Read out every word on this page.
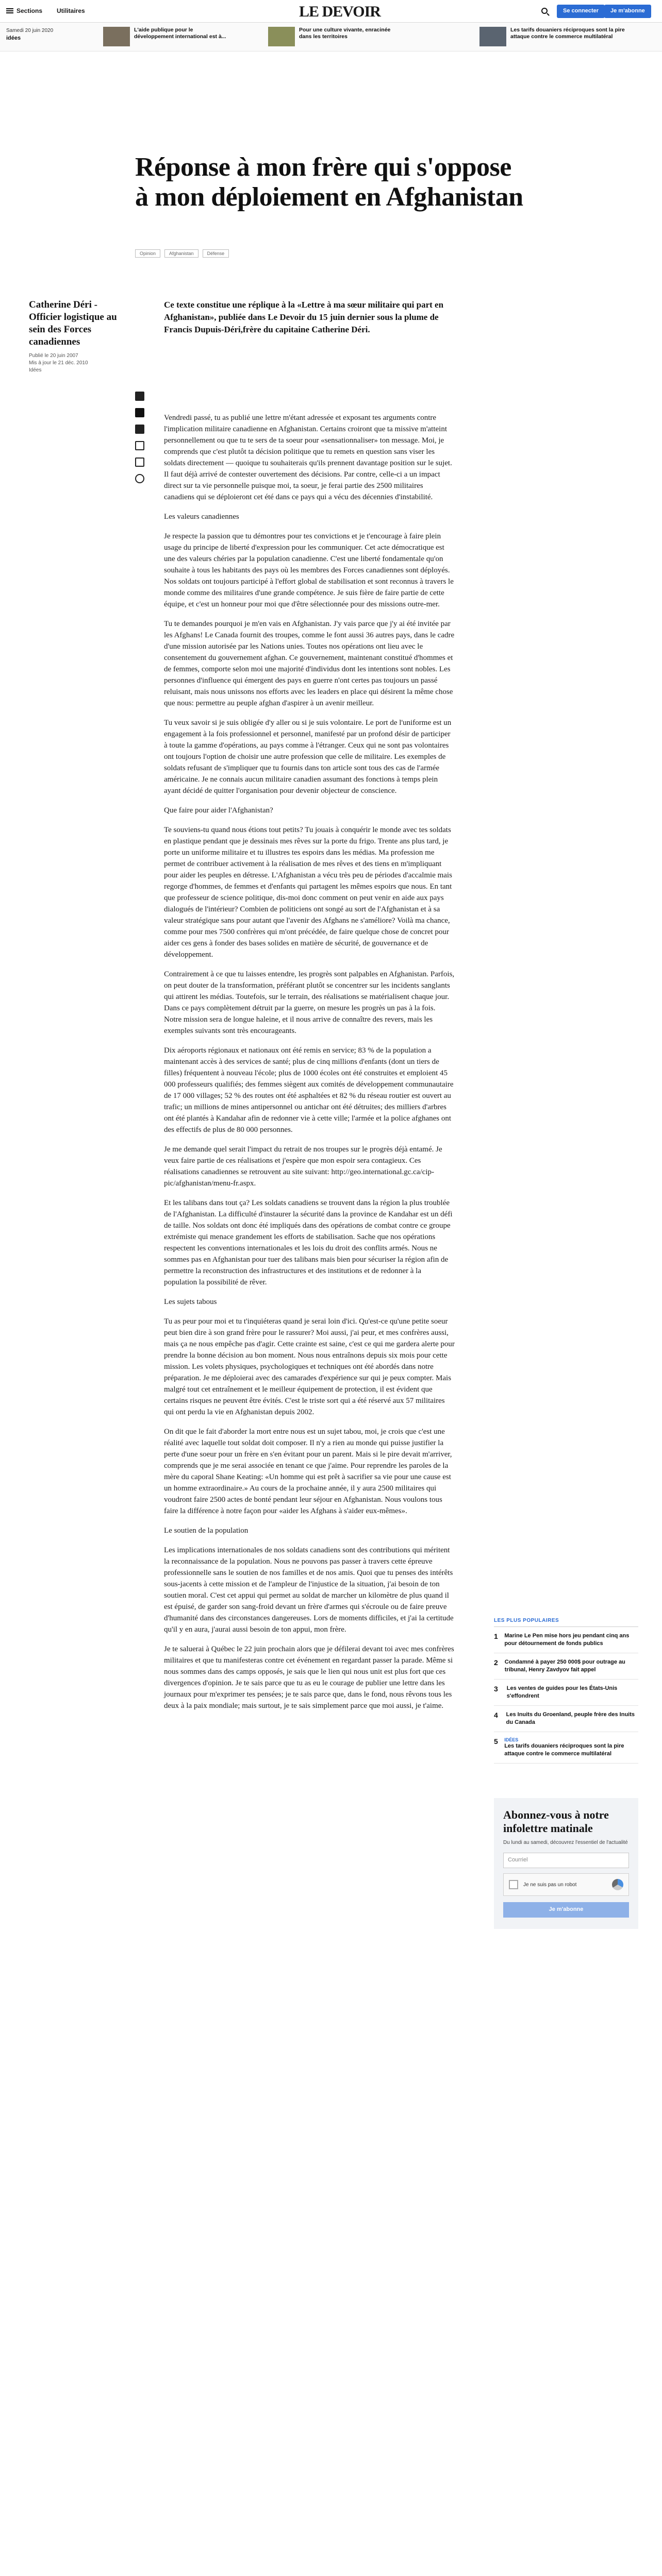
Sections Utilitaires	LE DEVOIR	Se connecter	Je m'abonne
Samedi 20 juin 2020
idées
L'aide publique pour le développement international est à...
Pour une culture vivante, enracinée dans les territoires
Les tarifs douaniers réciproques sont la pire attaque contre le commerce multilatéral
Réponse à mon frère qui s'oppose à mon déploiement en Afghanistan
Opinion	Afghanistan	Défense
Catherine Déri - Officier logistique au sein des Forces canadiennes
Publié le 20 juin 2007
Mis à jour le 21 déc. 2010
Idées

Ce texte constitue une réplique à la «Lettre à ma sœur militaire qui part en Afghanistan», publiée dans Le Devoir du 15 juin dernier sous la plume de Francis Dupuis-Déri,frère du capitaine Catherine Déri.

Vendredi passé, tu as publié une lettre m'étant adressée et exposant tes arguments contre l'implication militaire canadienne en Afghanistan. Certains croiront que ta missive m'atteint personnellement ou que tu te sers de ta soeur pour «sensationnaliser» ton message. Moi, je comprends que c'est plutôt ta décision politique que tu remets en question sans viser les soldats directement — quoique tu souhaiterais qu'ils prennent davantage position sur le sujet. Il faut déjà arrivé de contester ouvertement des décisions. Par contre, celle-ci a un impact direct sur ta vie personnelle puisque moi, ta soeur, je ferai partie des 2500 militaires canadiens qui se déploieront cet été dans ce pays qui a vécu des décennies d'instabilité.

Les valeurs canadiennes

Je respecte la passion que tu démontres pour tes convictions et je t'encourage à faire plein usage du principe de liberté d'expression pour les communiquer. Cet acte démocratique est une des valeurs chéries par la population canadienne. C'est une liberté fondamentale qu'on souhaite à tous les habitants des pays où les membres des Forces canadiennes sont déployés. Nos soldats ont toujours participé à l'effort global de stabilisation et sont reconnus à travers le monde comme des militaires d'une grande compétence. Je suis fière de faire partie de cette équipe, et c'est un honneur pour moi que d'être sélectionnée pour des missions outre-mer.

Tu te demandes pourquoi je m'en vais en Afghanistan. J'y vais parce que j'y ai été invitée par les Afghans! Le Canada fournit des troupes, comme le font aussi 36 autres pays, dans le cadre d'une mission autorisée par les Nations unies. Toutes nos opérations ont lieu avec le consentement du gouvernement afghan. Ce gouvernement, maintenant constitué d'hommes et de femmes, comporte selon moi une majorité d'individus dont les intentions sont nobles. Les personnes d'influence qui émergent des pays en guerre n'ont certes pas toujours un passé reluisant, mais nous unissons nos efforts avec les leaders en place qui désirent la même chose que nous: permettre au peuple afghan d'aspirer à un avenir meilleur.

Tu veux savoir si je suis obligée d'y aller ou si je suis volontaire. Le port de l'uniforme est un engagement à la fois professionnel et personnel, manifesté par un profond désir de participer à toute la gamme d'opérations, au pays comme à l'étranger. Ceux qui ne sont pas volontaires ont toujours l'option de choisir une autre profession que celle de militaire. Les exemples de soldats refusant de s'impliquer que tu fournis dans ton article sont tous des cas de l'armée américaine. Je ne connais aucun militaire canadien assumant des fonctions à temps plein ayant décidé de quitter l'organisation pour devenir objecteur de conscience.

Que faire pour aider l'Afghanistan?

Te souviens-tu quand nous étions tout petits? Tu jouais à conquérir le monde avec tes soldats en plastique pendant que je dessinais mes rêves sur la porte du frigo. Trente ans plus tard, je porte un uniforme militaire et tu illustres tes espoirs dans les médias. Ma profession me permet de contribuer activement à la réalisation de mes rêves et des tiens en m'impliquant pour aider les peuples en détresse. L'Afghanistan a vécu très peu de périodes d'accalmie mais regorge d'hommes, de femmes et d'enfants qui partagent les mêmes espoirs que nous. En tant que professeur de science politique, dis-moi donc comment on peut venir en aide aux pays dialogués de l'intérieur? Combien de politiciens ont songé au sort de l'Afghanistan et à sa valeur stratégique sans pour autant que l'avenir des Afghans ne s'améliore? Voilà ma chance, comme pour mes 7500 confrères qui m'ont précédée, de faire quelque chose de concret pour aider ces gens à fonder des bases solides en matière de sécurité, de gouvernance et de développement.

Contrairement à ce que tu laisses entendre, les progrès sont palpables en Afghanistan. Parfois, on peut douter de la transformation, préférant plutôt se concentrer sur les incidents sanglants qui attirent les médias. Toutefois, sur le terrain, des réalisations se matérialisent chaque jour. Dans ce pays complètement détruit par la guerre, on mesure les progrès un pas à la fois. Notre mission sera de longue haleine, et il nous arrive de connaître des revers, mais les exemples suivants sont très encourageants.

Dix aéroports régionaux et nationaux ont été remis en service; 83 % de la population a maintenant accès à des services de santé; plus de cinq millions d'enfants (dont un tiers de filles) fréquentent à nouveau l'école; plus de 1000 écoles ont été construites et emploient 45 000 professeurs qualifiés; des femmes siègent aux comités de développement communautaire de 17 000 villages; 52 % des routes ont été asphaltées et 82 % du réseau routier est ouvert au trafic; un millions de mines antipersonnel ou antichar ont été détruites; des milliers d'arbres ont été plantés à Kandahar afin de redonner vie à cette ville; l'armée et la police afghanes ont des effectifs de plus de 80 000 personnes.

Je me demande quel serait l'impact du retrait de nos troupes sur le progrès déjà entamé. Je veux faire partie de ces réalisations et j'espère que mon espoir sera contagieux. Ces réalisations canadiennes se retrouvent au site suivant: http://geo.international.gc.ca/cip-pic/afghanistan/menu-fr.aspx.

Et les talibans dans tout ça? Les soldats canadiens se trouvent dans la région la plus troublée de l'Afghanistan. La difficulté d'instaurer la sécurité dans la province de Kandahar est un défi de taille. Nos soldats ont donc été impliqués dans des opérations de combat contre ce groupe extrémiste qui menace grandement les efforts de stabilisation. Sache que nos opérations respectent les conventions internationales et les lois du droit des conflits armés. Nous ne sommes pas en Afghanistan pour tuer des talibans mais bien pour sécuriser la région afin de permettre la reconstruction des infrastructures et des institutions et de redonner à la population la possibilité de rêver.

Les sujets tabous

Tu as peur pour moi et tu t'inquiéteras quand je serai loin d'ici. Qu'est-ce qu'une petite soeur peut bien dire à son grand frère pour le rassurer? Moi aussi, j'ai peur, et mes confrères aussi, mais ça ne nous empêche pas d'agir. Cette crainte est saine, c'est ce qui me gardera alerte pour prendre la bonne décision au bon moment. Nous nous entraînons depuis six mois pour cette mission. Les volets physiques, psychologiques et techniques ont été abordés dans notre préparation. Je me déploierai avec des camarades d'expérience sur qui je peux compter. Mais malgré tout cet entraînement et le meilleur équipement de protection, il est évident que certains risques ne peuvent être évités. C'est le triste sort qui a été réservé aux 57 militaires qui ont perdu la vie en Afghanistan depuis 2002.

On dit que le fait d'aborder la mort entre nous est un sujet tabou, moi, je crois que c'est une réalité avec laquelle tout soldat doit composer. Il n'y a rien au monde qui puisse justifier la perte d'une soeur pour un frère en s'en évitant pour un parent. Mais si le pire devait m'arriver, comprends que je me serai associée en tenant ce que j'aime. Pour reprendre les paroles de la mère du caporal Shane Keating: «Un homme qui est prêt à sacrifier sa vie pour une cause est un homme extraordinaire.» Au cours de la prochaine année, il y aura 2500 militaires qui voudront faire 2500 actes de bonté pendant leur séjour en Afghanistan. Nous voulons tous faire la différence à notre façon pour «aider les Afghans à s'aider eux-mêmes».

Le soutien de la population

Les implications internationales de nos soldats canadiens sont des contributions qui méritent la reconnaissance de la population. Nous ne pouvons pas passer à travers cette épreuve professionnelle sans le soutien de nos familles et de nos amis. Quoi que tu penses des intérêts sous-jacents à cette mission et de l'ampleur de l'injustice de la situation, j'ai besoin de ton soutien moral. C'est cet appui qui permet au soldat de marcher un kilomètre de plus quand il est épuisé, de garder son sang-froid devant un frère d'armes qui s'écroule ou de faire preuve d'humanité dans des circonstances dangereuses. Lors de moments difficiles, et j'ai la certitude qu'il y en aura, j'aurai aussi besoin de ton appui, mon frère.

Je te saluerai à Québec le 22 juin prochain alors que je défilerai devant toi avec mes confrères militaires et que tu manifesteras contre cet événement en regardant passer la parade. Même si nous sommes dans des camps opposés, je sais que le lien qui nous unit est plus fort que ces divergences d'opinion. Je te sais parce que tu as eu le courage de publier une lettre dans les journaux pour m'exprimer tes pensées; je te sais parce que, dans le fond, nous rêvons tous les deux à la paix mondiale; mais surtout, je te sais simplement parce que moi aussi, je t'aime.

LES PLUS POPULAIRES
1 Marine Le Pen mise hors jeu pendant cinq ans pour détournement de fonds publics
2 Condamné à payer 250 000$ pour outrage au tribunal, Henry Zavdyov fait appel
3	Les ventes de guides pour les États-Unis s'effondrent
4	Les Inuits du Groenland, peuple frère des Inuits du Canada
5 IDÉES
Les tarifs douaniers réciproques sont la pire attaque contre le commerce multilatéral
Abonnez-vous à notre infolettre matinale
Du lundi au samedi, découvrez l'essentiel de l'actualité
Courriel
Je ne suis pas un robot
Je m'abonne
